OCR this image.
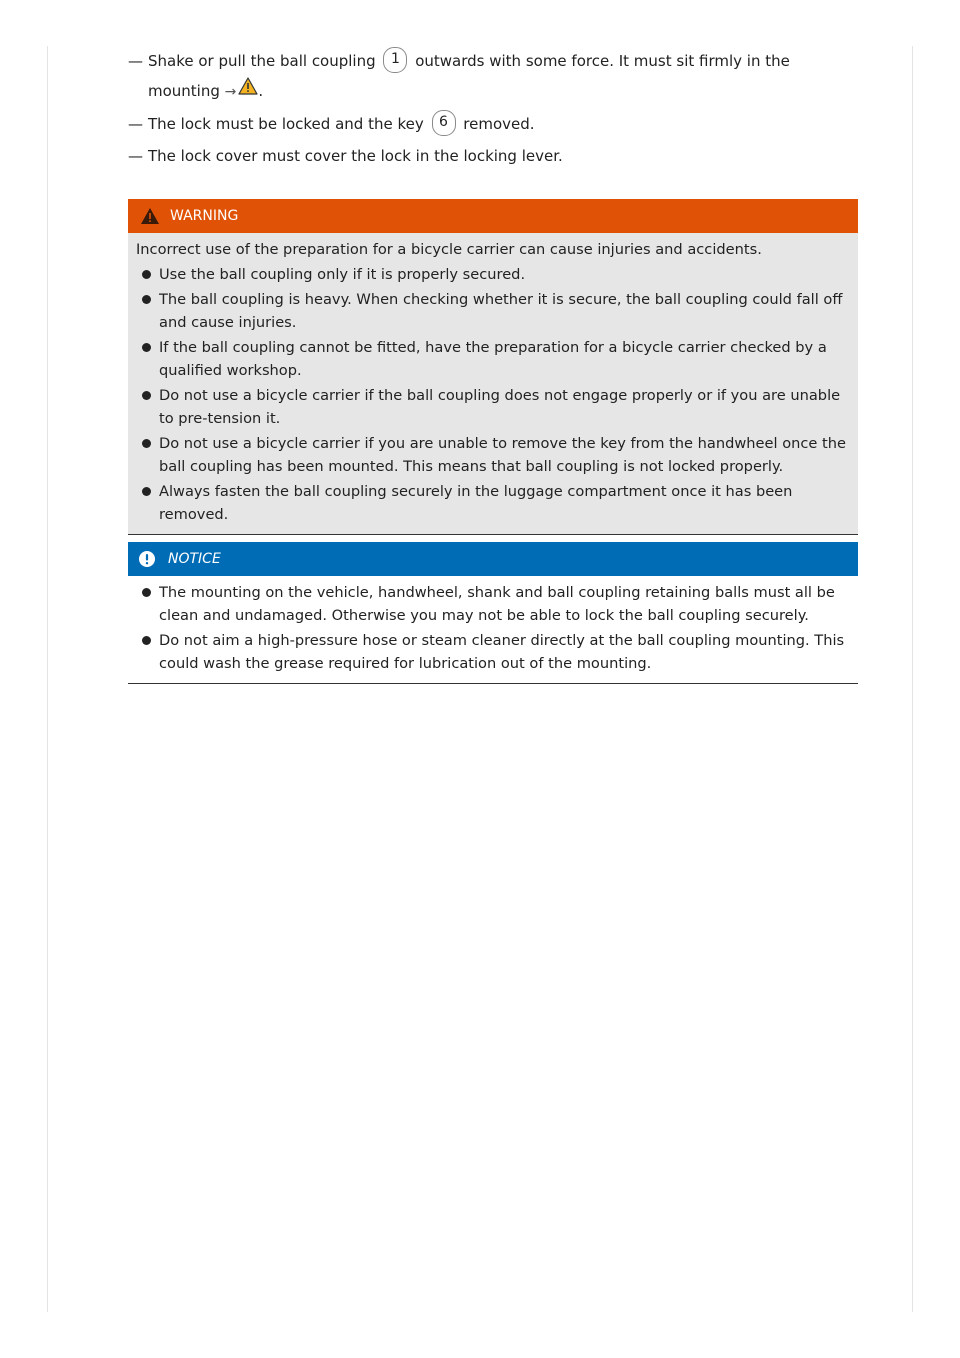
— Shake or pull the ball coupling 1 outwards with some force. It must sit firmly in the
mounting → .
— The lock must be locked and the key 6 removed.
— The lock cover must cover the lock in the locking lever.
WARNING

Incorrect use of the preparation for a bicycle carrier can cause injuries and accidents.

Use the ball coupling only if it is properly secured.
The ball coupling is heavy. When checking whether it is secure, the ball coupling could fall off and cause injuries.
If the ball coupling cannot be fitted, have the preparation for a bicycle carrier checked by a qualified workshop.
Do not use a bicycle carrier if the ball coupling does not engage properly or if you are unable to pre-tension it.
Do not use a bicycle carrier if you are unable to remove the key from the handwheel once the ball coupling has been mounted. This means that ball coupling is not locked properly.
Always fasten the ball coupling securely in the luggage compartment once it has been removed.
NOTICE
The mounting on the vehicle, handwheel, shank and ball coupling retaining balls must all be clean and undamaged. Otherwise you may not be able to lock the ball coupling securely.
Do not aim a high-pressure hose or steam cleaner directly at the ball coupling mounting. This could wash the grease required for lubrication out of the mounting.
